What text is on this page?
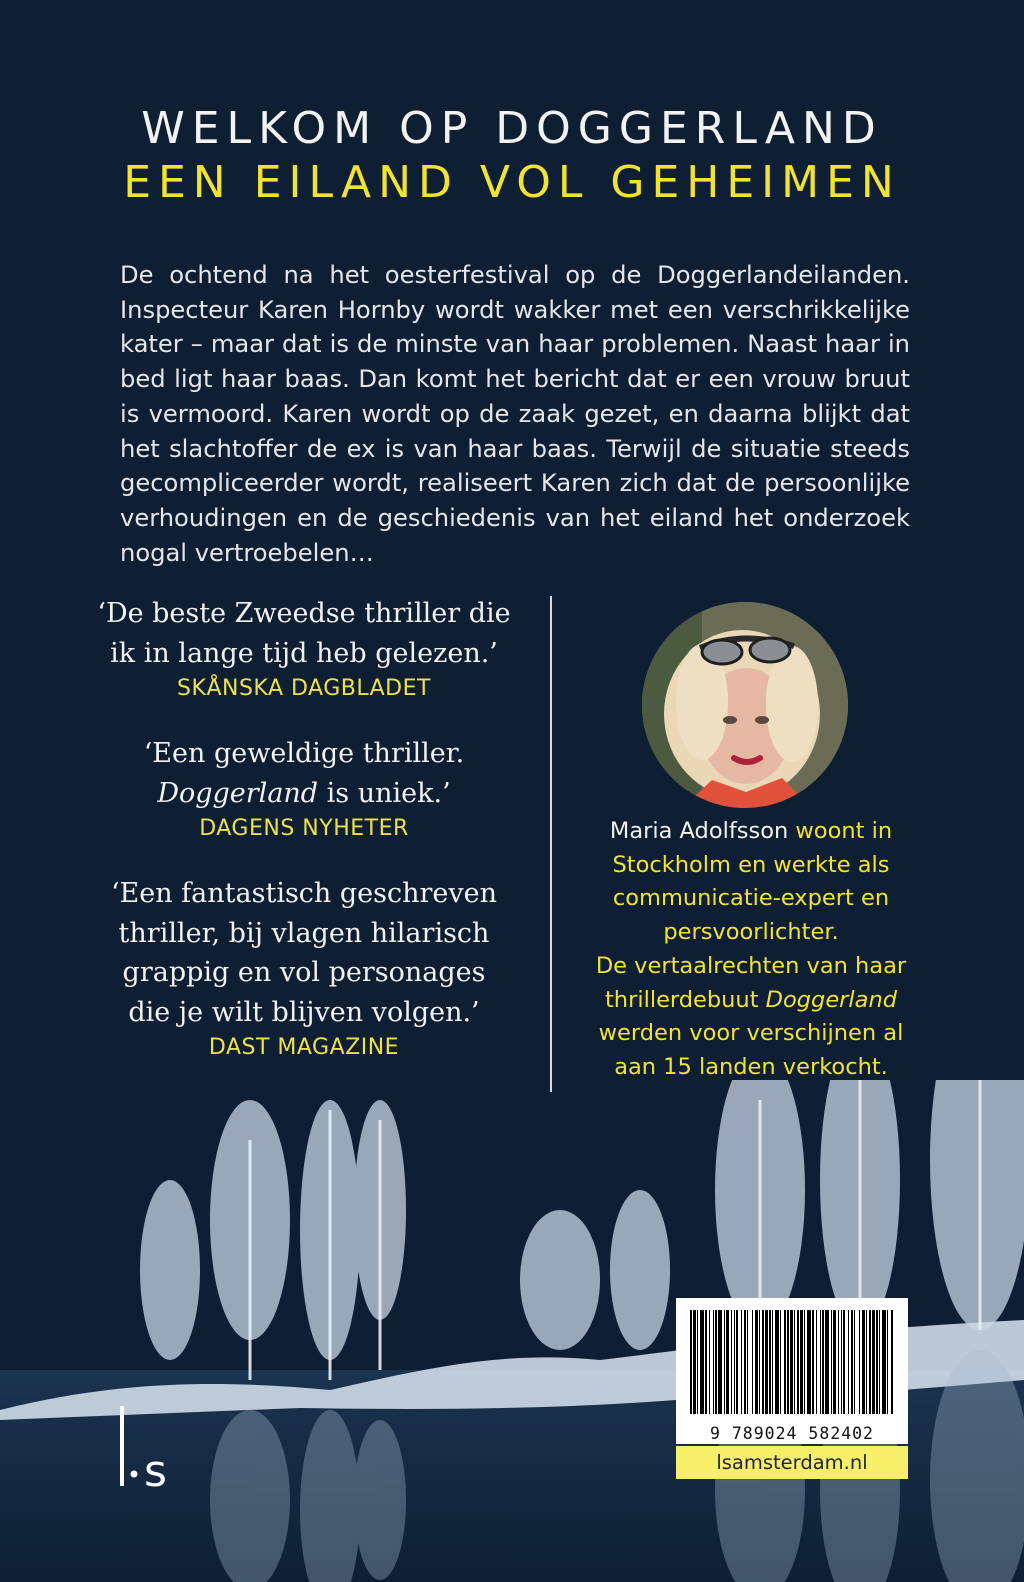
WELKOM OP DOGGERLAND
EEN EILAND VOL GEHEIMEN
De ochtend na het oesterfestival op de Doggerlandeilanden. Inspecteur Karen Hornby wordt wakker met een verschrikkelijke kater – maar dat is de minste van haar problemen. Naast haar in bed ligt haar baas. Dan komt het bericht dat er een vrouw bruut is vermoord. Karen wordt op de zaak gezet, en daarna blijkt dat het slachtoffer de ex is van haar baas. Terwijl de situatie steeds gecompliceerder wordt, realiseert Karen zich dat de persoonlijke verhoudingen en de geschiedenis van het eiland het onderzoek nogal vertroebelen…
‘De beste Zweedse thriller die
ik in lange tijd heb gelezen.’
SKÅNSKA DAGBLADET
‘Een geweldige thriller.
Doggerland is uniek.’
DAGENS NYHETER
‘Een fantastisch geschreven
thriller, bij vlagen hilarisch
grappig en vol personages
die je wilt blijven volgen.’
DAST MAGAZINE
Maria Adolfsson woont in Stockholm en werkte als communicatie-expert en persvoorlichter.
De vertaalrechten van haar thrillerdebuut Doggerland werden voor verschijnen al aan 15 landen verkocht.
s
9 789024 582402
lsamsterdam.nl
